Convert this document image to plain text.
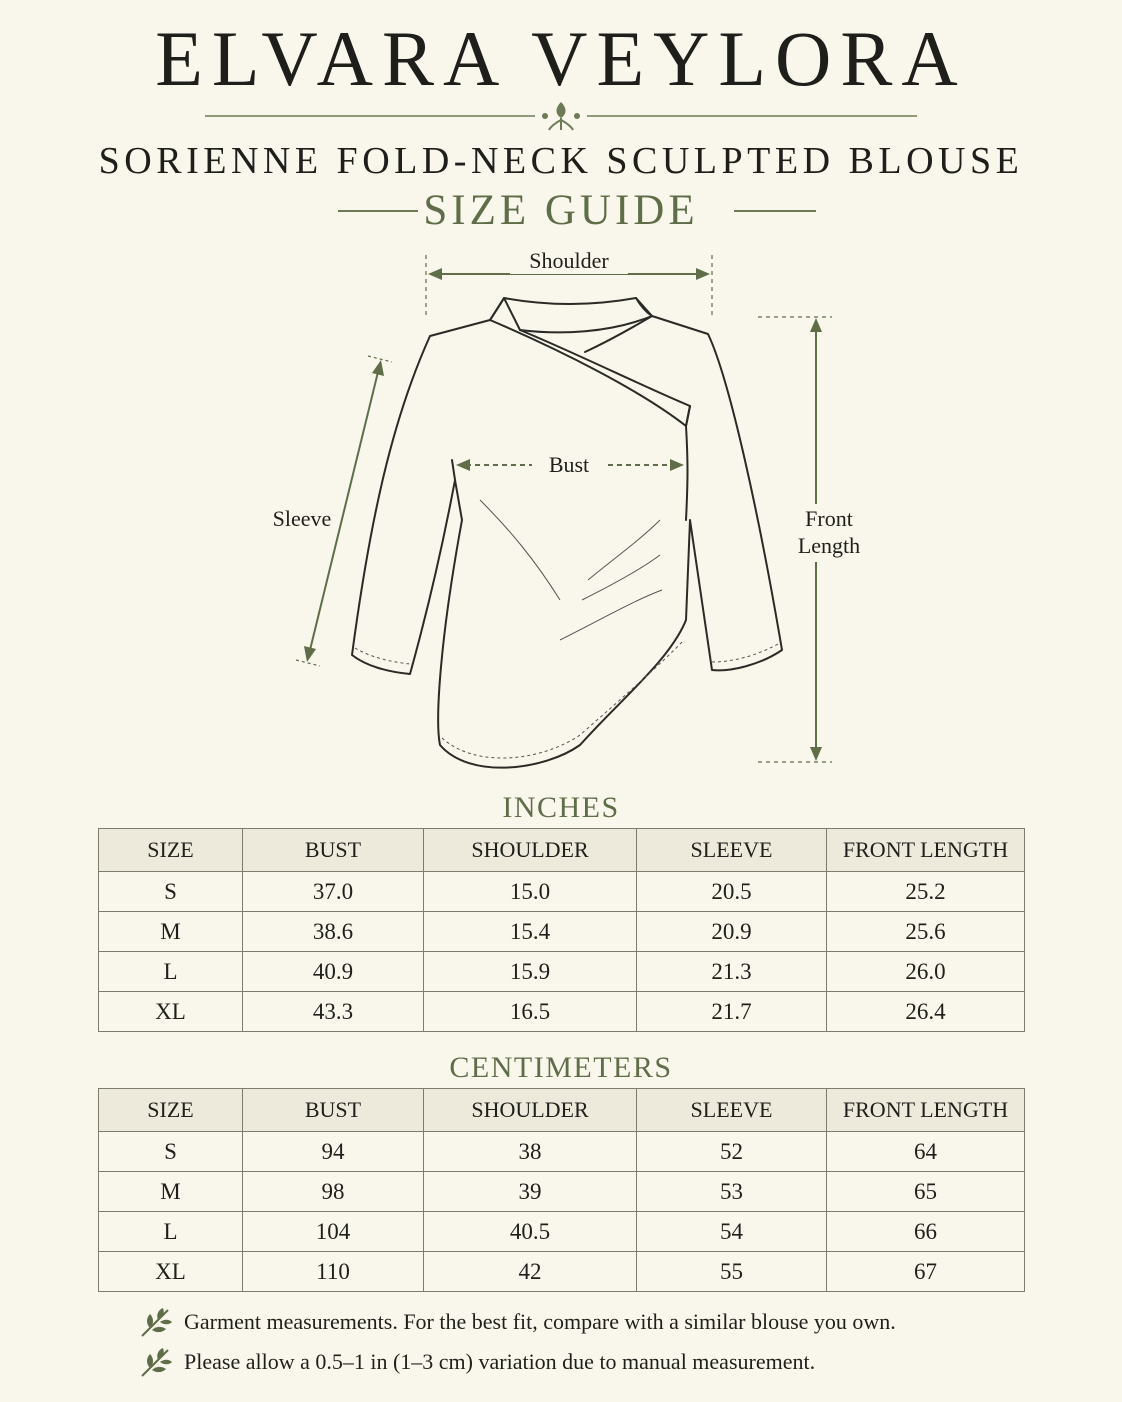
ELVARA VEYLORA
SORIENNE FOLD-NECK SCULPTED BLOUSE
SIZE GUIDE
Shoulder
Bust
Sleeve	Front
Length
INCHES
SIZE	BUST	SHOULDER	SLEEVE	FRONT LENGTH
S	37.0	15.0	20.5	25.2
M	38.6	15.4	20.9	25.6
L	40.9	15.9	21.3	26.0
XL	43.3	16.5	21.7	26.4
CENTIMETERS
SIZE	BUST	SHOULDER	SLEEVE	FRONT LENGTH
S	94	38	52	64
M	98	39	53	65
L	104	40.5	54	66
XL	110	42	55	67
Garment measurements. For the best fit, compare with a similar blouse you own.
Please allow a 0.5–1 in (1–3 cm) variation due to manual measurement.
